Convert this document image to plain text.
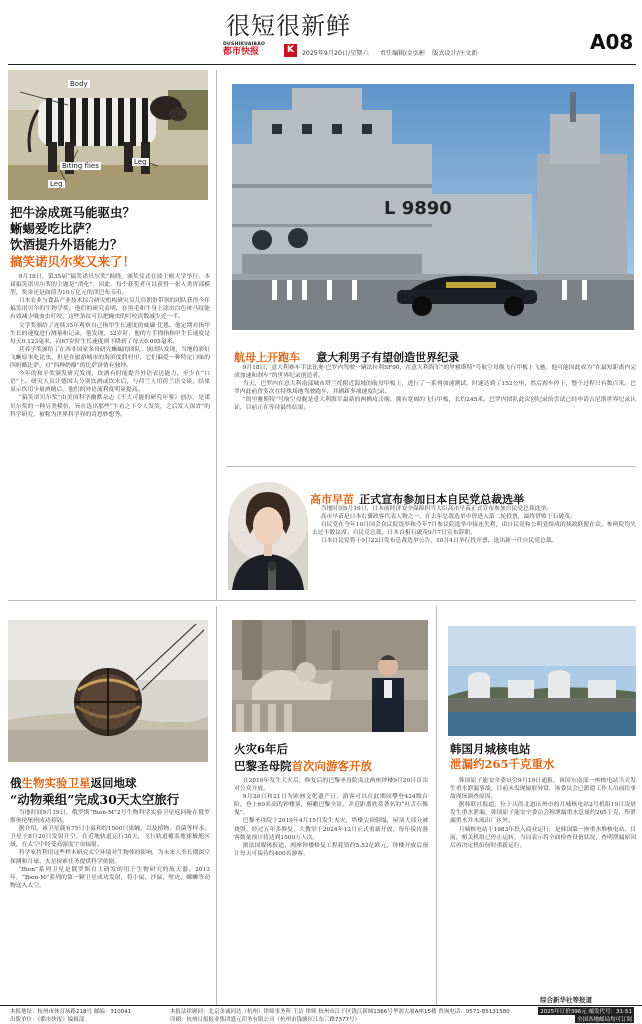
很短很新鲜
DUSHIKUAIBAO
都市快报	K	2025年9月20日/星期六 责任编辑/金弘彬 版式设计/庄文新	A08
Body
Biting flies	Leg
Leg
把牛涂成斑马能驱虫？
蜥蜴爱吃比萨？
饮酒提升外语能力？
搞笑诺贝尔奖又来了！

9月18日，第35届“搞笑诺贝尔奖”揭晓。颁奖仪式在波士顿大学举行。本届搞笑诺贝尔奖的主题是“消化”，因此，每个获奖者可以获得一张人类胃部模型，奖金还是面值为10万亿元的津巴布韦币。

日本农业与食品产业技术综合研究机构研究员儿岛朝贵带领的团队获得今年搞笑诺贝尔的生物学奖。他们的研究表明，在黑毛和牛身上涂出白色斑马纹能有效减少吸血虫叮咬，这些条纹可以把蝇虫的叮咬次数减少近一半。

文学奖颁给了连续35年观察自己指甲生长速度的威廉·比恩。他定期对指甲生长的速度进行测量和记录，他发现，32岁时，他的左手拇指指甲生长速度是每天0.123毫米，而67岁时生长速度则下降到了每天0.095毫米。

营养学奖颁给了在西非国家多哥研究蜥蜴的团队。该团队发现，当地的彩虹飞蜥原本吃昆虫，但是在旅游城市的海滨度假村里，它们偏爱一种特定口味的四奶酪比萨，对“四种奶酪”的比萨饼情有独钟。

今年的和平奖颁发研究发现，饮酒有时能提升外语表达能力，至少在“口语”上。研究人员让德国人分别饮酒或饮水后，与荷兰人用荷兰语交谈，结果显示饮用少量酒精后，他们的外语流利度明显提高。

“搞笑诺贝尔奖”由美国科学幽默杂志《不大可能的研究年鉴》创办，是诺贝尔奖的一种另类模仿，旨在选出那些“乍看之下令人发笑，之后发人深省”的科学研究，被称为世界科学界的奇思妙想秀。

L 9890
航母上开跑车 意大利男子有望创造世界纪录

9月18日，意大利赛车手法比奥·巴罗内驾驶一辆法拉利SF90，在意大利海军“的里雅斯特”号航空母舰飞行甲板上飞驰。他可能因此成为“在最短距离内完成加速和刹车”的世界纪录创造者。

当天，巴罗内在意大利南部城市塔兰托附近海域的航母甲板上，进行了一系列加速测试，时速达到了152公里，然后刹车停下，整个过程只有数百米。巴罗内此前曾多次在特殊场地驾驶跑车，并刷新多项速度纪录。

“的里雅斯特”号航空母舰是意大利海军最新的两栖攻击舰，拥有宽阔的飞行甲板，长约245米。巴罗内团队此次创纪录的尝试已经申请吉尼斯世界纪录认证，目前正在等待最终结果。

高市早苗 正式宣布参加日本自民党总裁选举

当地时间9月19日，日本前经济安全保障担当大臣高市早苗正式宣布参加自民党总裁选举。

高市早苗是日本右翼政客代表人物之一，在去年总裁选举中曾进入第二轮投票，最终惜败于石破茂。

自民党在今年10月国会众议院选举和今年7月参议院选举中接连失利，由自民党和公明党组成的执政联盟在众、参两院均失去过半数议席。自民党总裁、日本首相石破茂9月7日宣布辞职。

日本自民党将于9月22日发布总裁选举公告，10月4日举行投开票，选出新一任自民党总裁。

俄生物实验卫星返回地球
“动物乘组”完成30天太空旅行

当地时间9月19日，俄罗斯“Bion-M”2号生物科学实验卫星返回舱在俄罗斯奥伦堡州成功着陆。

据介绍，该卫星载有75只小鼠和约1500只果蝇，以及植物、真菌等样本。卫星于8月20日发射升空，在近地轨道运行30天，飞行轨道覆盖地球极地区域，在太空中经受高强度宇宙辐射。

科学家将利用这些样本研究太空环境对生物体的影响，为未来人类长期深空探测和月球、火星探索任务提供科学依据。

“Bion”系列卫星是俄罗斯自主研发的用于生物研究的航天器。2013年，“Bion-M”系列的第一颗卫星成功发射，将小鼠、沙鼠、壁虎、螺蛳等动物送入太空。

火灾6年后
巴黎圣母院首次向游客开放

在2019年发生大火后，修复后的巴黎圣母院南北两座钟楼9月20日首次对公众开放。

9月20日和21日为欧洲文化遗产日，游客可以在此期间攀登424级台阶，登上69米高的钟楼顶，俯瞰巴黎全景，并近距离欣赏著名的“吐舌石像鬼”。

巴黎圣母院于2019年4月15日发生火灾，塔楼尖顶倒塌，屋顶大部分被烧毁。经过五年多修复，大教堂于2024年12月正式重新开放，每年接待游客数量预计将达到1500万人次。

据法国媒体报道，两座钟楼修复工程耗资约5.52亿欧元，钟楼开放后预计每天可接待约400名游客。

韩国月城核电站
泄漏约265千克重水

韩国原子能安全委员会9月19日通报，该国东南部一座核电站当天发生重水泄漏事故，目前未发现辐射异常，该委员会已派遣工作人员前往事故现场调查原因。

据韩联社报道，位于庆尚北道庆州市的月城核电站2号机组19日凌晨发生重水泄漏，韩国原子能安全委员会称泄漏重水总量约265千克，所泄漏重水并未流出厂区外。

月城核电站于1983年投入商业运行，是韩国第一座重水堆核电站。目前，相关机组已停止运转，当局表示将全面检查设备状况，查明泄漏原因后再决定机组何时重新运行。

综合新华社等报道
本报地址：杭州市体育场路218号 邮编：310041	本报法律顾问：北京金诚同达（杭州）律师事务所 王洁 律师 杭州市江干区钱江新城1366号华润大厦A座15楼 咨询电话：0571-85131580	2025年订价396元 邮发代号：31-51
出版单位：《都市快报》编辑部	印刷：杭州日报报业集团盛元印务有限公司（杭州市钱塘区江东三路7377号）	全国各地邮局均可订阅
